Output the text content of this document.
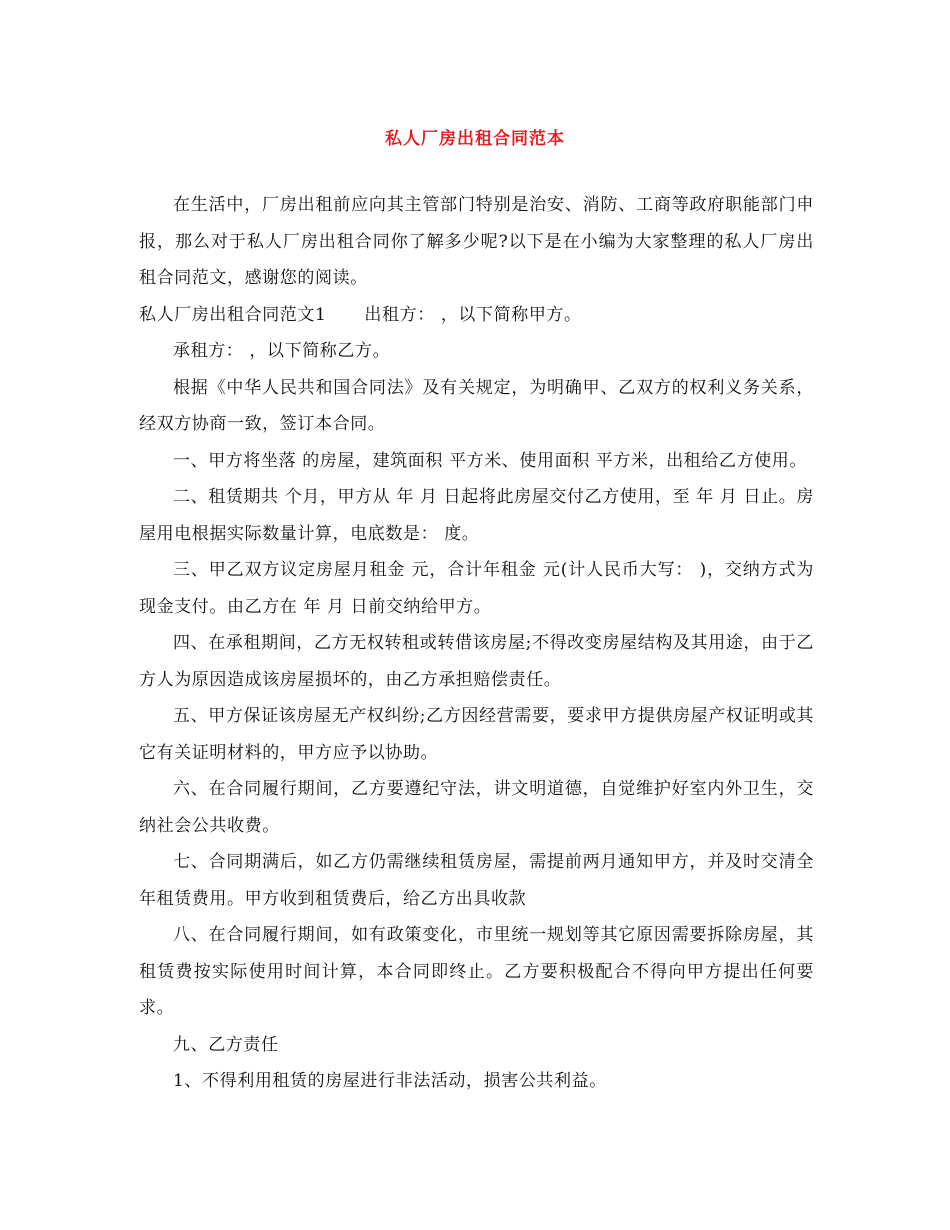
私人厂房出租合同范本

在生活中，厂房出租前应向其主管部门特别是治安、消防、工商等政府职能部门申报，那么对于私人厂房出租合同你了解多少呢?以下是在小编为大家整理的私人厂房出租合同范文，感谢您的阅读。

私人厂房出租合同范文1 出租方： ，以下简称甲方。

承租方： ，以下简称乙方。

根据《中华人民共和国合同法》及有关规定，为明确甲、乙双方的权利义务关系，经双方协商一致，签订本合同。

一、甲方将坐落 的房屋，建筑面积 平方米、使用面积 平方米，出租给乙方使用。

二、租赁期共 个月，甲方从 年 月 日起将此房屋交付乙方使用，至 年 月 日止。房屋用电根据实际数量计算，电底数是： 度。

三、甲乙双方议定房屋月租金 元，合计年租金 元(计人民币大写： )，交纳方式为现金支付。由乙方在 年 月 日前交纳给甲方。

四、在承租期间，乙方无权转租或转借该房屋;不得改变房屋结构及其用途，由于乙方人为原因造成该房屋损坏的，由乙方承担赔偿责任。

五、甲方保证该房屋无产权纠纷;乙方因经营需要，要求甲方提供房屋产权证明或其它有关证明材料的，甲方应予以协助。

六、在合同履行期间，乙方要遵纪守法，讲文明道德，自觉维护好室内外卫生，交纳社会公共收费。

七、合同期满后，如乙方仍需继续租赁房屋，需提前两月通知甲方，并及时交清全年租赁费用。甲方收到租赁费后，给乙方出具收款

八、在合同履行期间，如有政策变化，市里统一规划等其它原因需要拆除房屋，其租赁费按实际使用时间计算，本合同即终止。乙方要积极配合不得向甲方提出任何要求。

九、乙方责任

1、不得利用租赁的房屋进行非法活动，损害公共利益。
